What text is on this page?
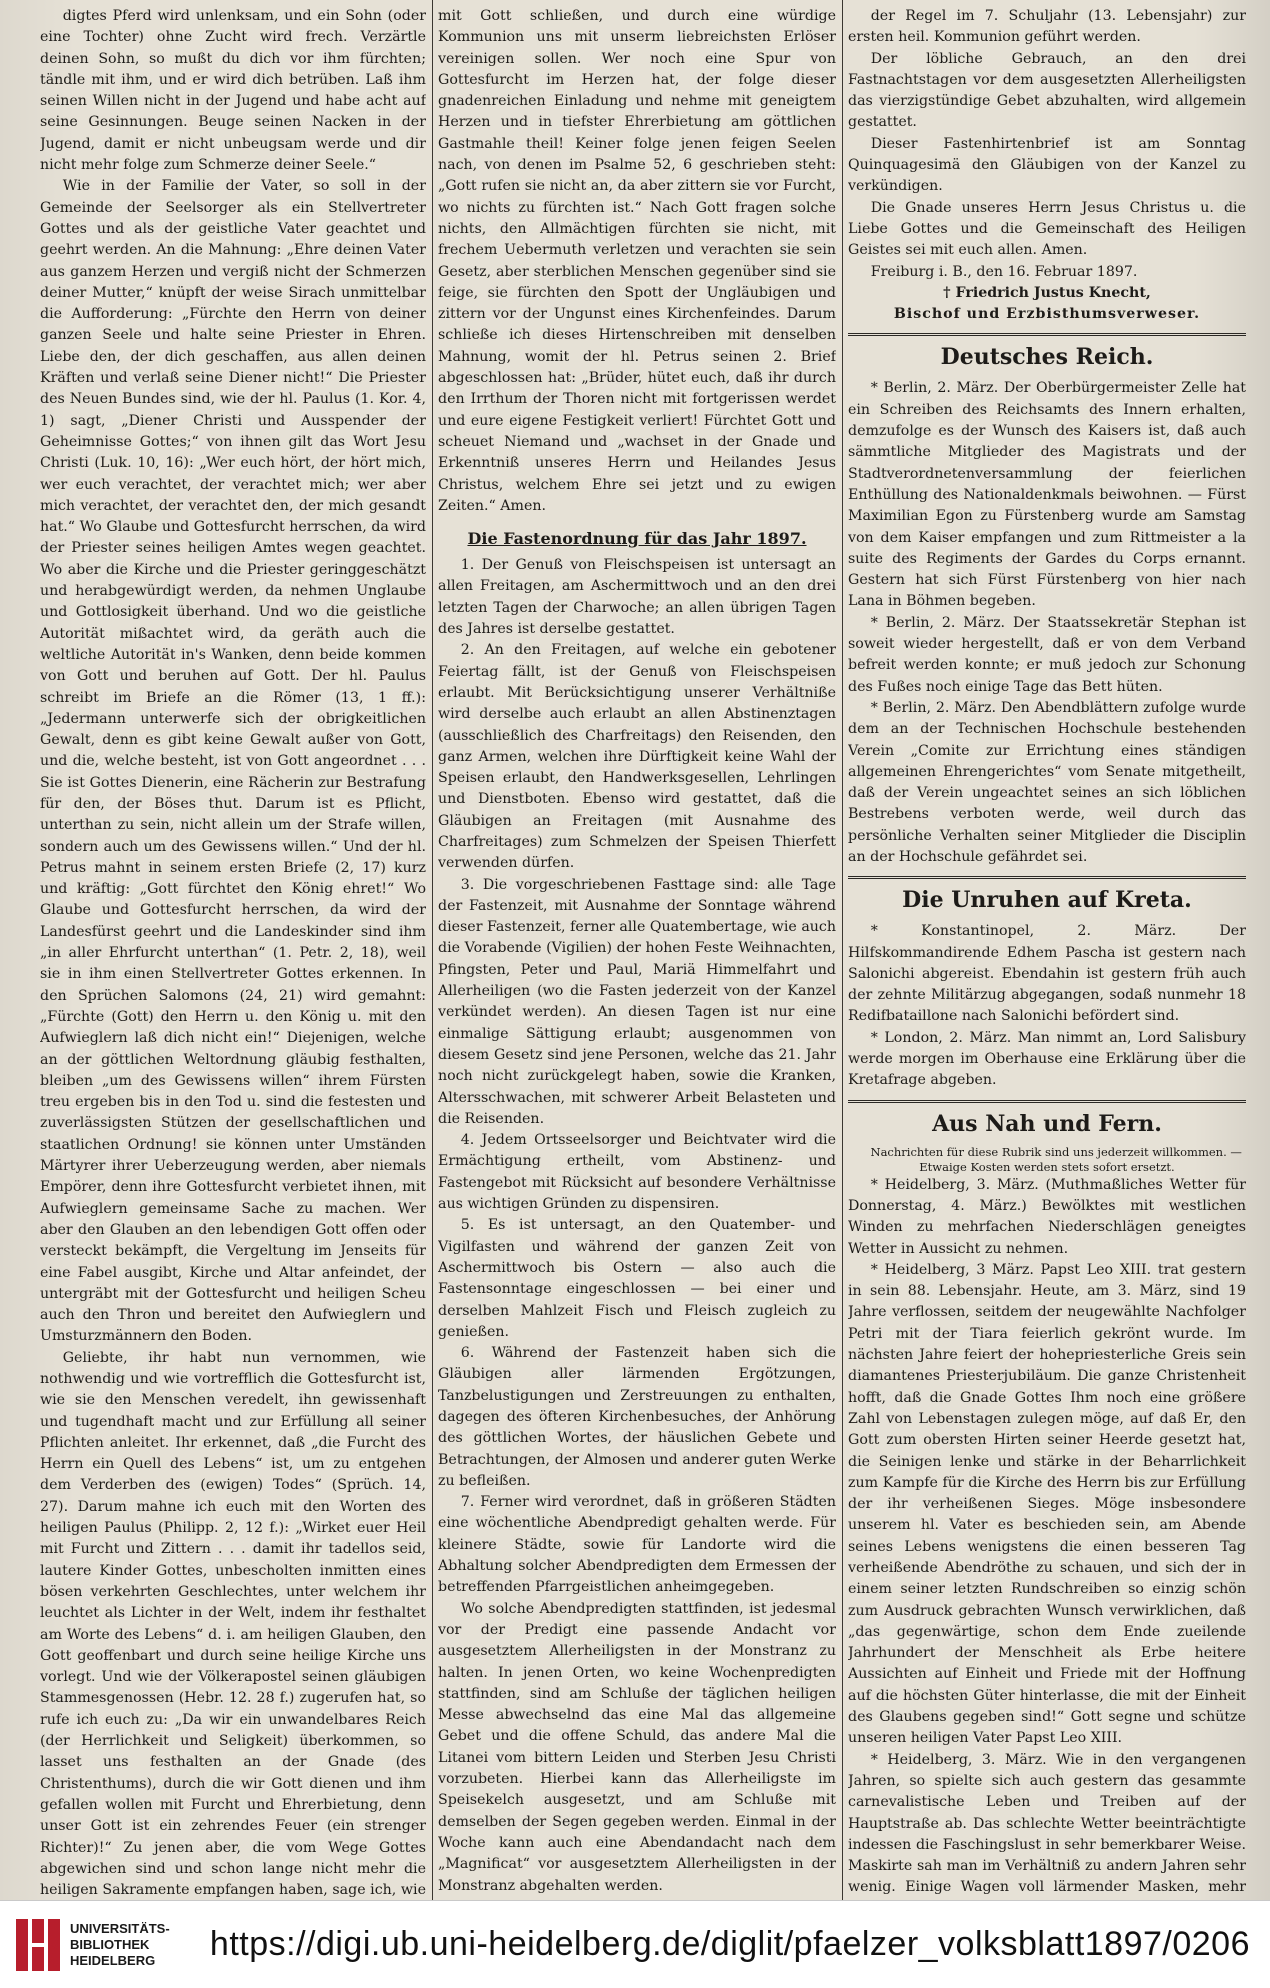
digtes Pferd wird unlenksam, und ein Sohn (oder eine Tochter) ohne Zucht wird frech. Verzärtle deinen Sohn, so mußt du dich vor ihm fürchten; tändle mit ihm, und er wird dich betrüben. Laß ihm seinen Willen nicht in der Jugend und habe acht auf seine Gesinnungen. Beuge seinen Nacken in der Jugend, damit er nicht unbeugsam werde und dir nicht mehr folge zum Schmerze deiner Seele.“

Wie in der Familie der Vater, so soll in der Gemeinde der Seelsorger als ein Stellvertreter Gottes und als der geistliche Vater geachtet und geehrt werden. An die Mahnung: „Ehre deinen Vater aus ganzem Herzen und vergiß nicht der Schmerzen deiner Mutter,“ knüpft der weise Sirach unmittelbar die Aufforderung: „Fürchte den Herrn von deiner ganzen Seele und halte seine Priester in Ehren. Liebe den, der dich geschaffen, aus allen deinen Kräften und verlaß seine Diener nicht!“ Die Priester des Neuen Bundes sind, wie der hl. Paulus (1. Kor. 4, 1) sagt, „Diener Christi und Ausspender der Geheimnisse Gottes;“ von ihnen gilt das Wort Jesu Christi (Luk. 10, 16): „Wer euch hört, der hört mich, wer euch verachtet, der verachtet mich; wer aber mich verachtet, der verachtet den, der mich gesandt hat.“ Wo Glaube und Gottesfurcht herrschen, da wird der Priester seines heiligen Amtes wegen geachtet. Wo aber die Kirche und die Priester geringgeschätzt und herabgewürdigt werden, da nehmen Unglaube und Gottlosigkeit überhand. Und wo die geistliche Autorität mißachtet wird, da geräth auch die weltliche Autorität in's Wanken, denn beide kommen von Gott und beruhen auf Gott. Der hl. Paulus schreibt im Briefe an die Römer (13, 1 ff.): „Jedermann unterwerfe sich der obrigkeitlichen Gewalt, denn es gibt keine Gewalt außer von Gott, und die, welche besteht, ist von Gott angeordnet . . . Sie ist Gottes Dienerin, eine Rächerin zur Bestrafung für den, der Böses thut. Darum ist es Pflicht, unterthan zu sein, nicht allein um der Strafe willen, sondern auch um des Gewissens willen.“ Und der hl. Petrus mahnt in seinem ersten Briefe (2, 17) kurz und kräftig: „Gott fürchtet den König ehret!“ Wo Glaube und Gottesfurcht herrschen, da wird der Landesfürst geehrt und die Landeskinder sind ihm „in aller Ehrfurcht unterthan“ (1. Petr. 2, 18), weil sie in ihm einen Stellvertreter Gottes erkennen. In den Sprüchen Salomons (24, 21) wird gemahnt: „Fürchte (Gott) den Herrn u. den König u. mit den Aufwieglern laß dich nicht ein!“ Diejenigen, welche an der göttlichen Weltordnung gläubig festhalten, bleiben „um des Gewissens willen“ ihrem Fürsten treu ergeben bis in den Tod u. sind die festesten und zuverlässigsten Stützen der gesellschaftlichen und staatlichen Ordnung! sie können unter Umständen Märtyrer ihrer Ueberzeugung werden, aber niemals Empörer, denn ihre Gottesfurcht verbietet ihnen, mit Aufwieglern gemeinsame Sache zu machen. Wer aber den Glauben an den lebendigen Gott offen oder versteckt bekämpft, die Vergeltung im Jenseits für eine Fabel ausgibt, Kirche und Altar anfeindet, der untergräbt mit der Gottesfurcht und heiligen Scheu auch den Thron und bereitet den Aufwieglern und Umsturzmännern den Boden.

Geliebte, ihr habt nun vernommen, wie nothwendig und wie vortrefflich die Gottesfurcht ist, wie sie den Menschen veredelt, ihn gewissenhaft und tugendhaft macht und zur Erfüllung all seiner Pflichten anleitet. Ihr erkennet, daß „die Furcht des Herrn ein Quell des Lebens“ ist, um zu entgehen dem Verderben des (ewigen) Todes“ (Sprüch. 14, 27). Darum mahne ich euch mit den Worten des heiligen Paulus (Philipp. 2, 12 f.): „Wirket euer Heil mit Furcht und Zittern . . . damit ihr tadellos seid, lautere Kinder Gottes, unbescholten inmitten eines bösen verkehrten Geschlechtes, unter welchem ihr leuchtet als Lichter in der Welt, indem ihr festhaltet am Worte des Lebens“ d. i. am heiligen Glauben, den Gott geoffenbart und durch seine heilige Kirche uns vorlegt. Und wie der Völkerapostel seinen gläubigen Stammesgenossen (Hebr. 12. 28 f.) zugerufen hat, so rufe ich euch zu: „Da wir ein unwandelbares Reich (der Herrlichkeit und Seligkeit) überkommen, so lasset uns festhalten an der Gnade (des Christenthums), durch die wir Gott dienen und ihm gefallen wollen mit Furcht und Ehrerbietung, denn unser Gott ist ein zehrendes Feuer (ein strenger Richter)!“ Zu jenen aber, die vom Wege Gottes abgewichen sind und schon lange nicht mehr die heiligen Sakramente empfangen haben, sage ich, wie

mit Gott schließen, und durch eine würdige Kommunion uns mit unserm liebreichsten Erlöser vereinigen sollen. Wer noch eine Spur von Gottesfurcht im Herzen hat, der folge dieser gnadenreichen Einladung und nehme mit geneigtem Herzen und in tiefster Ehrerbietung am göttlichen Gastmahle theil! Keiner folge jenen feigen Seelen nach, von denen im Psalme 52, 6 geschrieben steht: „Gott rufen sie nicht an, da aber zittern sie vor Furcht, wo nichts zu fürchten ist.“ Nach Gott fragen solche nichts, den Allmächtigen fürchten sie nicht, mit frechem Uebermuth verletzen und verachten sie sein Gesetz, aber sterblichen Menschen gegenüber sind sie feige, sie fürchten den Spott der Ungläubigen und zittern vor der Ungunst eines Kirchenfeindes. Darum schließe ich dieses Hirtenschreiben mit denselben Mahnung, womit der hl. Petrus seinen 2. Brief abgeschlossen hat: „Brüder, hütet euch, daß ihr durch den Irrthum der Thoren nicht mit fortgerissen werdet und eure eigene Festigkeit verliert! Fürchtet Gott und scheuet Niemand und „wachset in der Gnade und Erkenntniß unseres Herrn und Heilandes Jesus Christus, welchem Ehre sei jetzt und zu ewigen Zeiten.“ Amen.

Die Fastenordnung für das Jahr 1897.

1. Der Genuß von Fleischspeisen ist untersagt an allen Freitagen, am Aschermittwoch und an den drei letzten Tagen der Charwoche; an allen übrigen Tagen des Jahres ist derselbe gestattet.

2. An den Freitagen, auf welche ein gebotener Feiertag fällt, ist der Genuß von Fleischspeisen erlaubt. Mit Berücksichtigung unserer Verhältniße wird derselbe auch erlaubt an allen Abstinenztagen (ausschließlich des Charfreitags) den Reisenden, den ganz Armen, welchen ihre Dürftigkeit keine Wahl der Speisen erlaubt, den Handwerksgesellen, Lehrlingen und Dienstboten. Ebenso wird gestattet, daß die Gläubigen an Freitagen (mit Ausnahme des Charfreitages) zum Schmelzen der Speisen Thierfett verwenden dürfen.

3. Die vorgeschriebenen Fasttage sind: alle Tage der Fastenzeit, mit Ausnahme der Sonntage während dieser Fastenzeit, ferner alle Quatembertage, wie auch die Vorabende (Vigilien) der hohen Feste Weihnachten, Pfingsten, Peter und Paul, Mariä Himmelfahrt und Allerheiligen (wo die Fasten jederzeit von der Kanzel verkündet werden). An diesen Tagen ist nur eine einmalige Sättigung erlaubt; ausgenommen von diesem Gesetz sind jene Personen, welche das 21. Jahr noch nicht zurückgelegt haben, sowie die Kranken, Altersschwachen, mit schwerer Arbeit Belasteten und die Reisenden.

4. Jedem Ortsseelsorger und Beichtvater wird die Ermächtigung ertheilt, vom Abstinenz- und Fastengebot mit Rücksicht auf besondere Verhältnisse aus wichtigen Gründen zu dispensiren.

5. Es ist untersagt, an den Quatember- und Vigilfasten und während der ganzen Zeit von Aschermittwoch bis Ostern — also auch die Fastensonntage eingeschlossen — bei einer und derselben Mahlzeit Fisch und Fleisch zugleich zu genießen.

6. Während der Fastenzeit haben sich die Gläubigen aller lärmenden Ergötzungen, Tanzbelustigungen und Zerstreuungen zu enthalten, dagegen des öfteren Kirchenbesuches, der Anhörung des göttlichen Wortes, der häuslichen Gebete und Betrachtungen, der Almosen und anderer guten Werke zu befleißen.

7. Ferner wird verordnet, daß in größeren Städten eine wöchentliche Abendpredigt gehalten werde. Für kleinere Städte, sowie für Landorte wird die Abhaltung solcher Abendpredigten dem Ermessen der betreffenden Pfarrgeistlichen anheimgegeben.

Wo solche Abendpredigten stattfinden, ist jedesmal vor der Predigt eine passende Andacht vor ausgesetztem Allerheiligsten in der Monstranz zu halten. In jenen Orten, wo keine Wochenpredigten stattfinden, sind am Schluße der täglichen heiligen Messe abwechselnd das eine Mal das allgemeine Gebet und die offene Schuld, das andere Mal die Litanei vom bittern Leiden und Sterben Jesu Christi vorzubeten. Hierbei kann das Allerheiligste im Speisekelch ausgesetzt, und am Schluße mit demselben der Segen gegeben werden. Einmal in der Woche kann auch eine Abendandacht nach dem „Magnificat“ vor ausgesetztem Allerheiligsten in der Monstranz abgehalten werden.

der Regel im 7. Schuljahr (13. Lebensjahr) zur ersten heil. Kommunion geführt werden.

Der löbliche Gebrauch, an den drei Fastnachtstagen vor dem ausgesetzten Allerheiligsten das vierzigstündige Gebet abzuhalten, wird allgemein gestattet.

Dieser Fastenhirtenbrief ist am Sonntag Quinquagesimä den Gläubigen von der Kanzel zu verkündigen.

Die Gnade unseres Herrn Jesus Christus u. die Liebe Gottes und die Gemeinschaft des Heiligen Geistes sei mit euch allen. Amen.

Freiburg i. B., den 16. Februar 1897.

† Friedrich Justus Knecht,

Bischof und Erzbisthumsverweser.

Deutsches Reich.

* Berlin, 2. März. Der Oberbürgermeister Zelle hat ein Schreiben des Reichsamts des Innern erhalten, demzufolge es der Wunsch des Kaisers ist, daß auch sämmtliche Mitglieder des Magistrats und der Stadtverordnetenversammlung der feierlichen Enthüllung des Nationaldenkmals beiwohnen. — Fürst Maximilian Egon zu Fürstenberg wurde am Samstag von dem Kaiser empfangen und zum Rittmeister a la suite des Regiments der Gardes du Corps ernannt. Gestern hat sich Fürst Fürstenberg von hier nach Lana in Böhmen begeben.

* Berlin, 2. März. Der Staatssekretär Stephan ist soweit wieder hergestellt, daß er von dem Verband befreit werden konnte; er muß jedoch zur Schonung des Fußes noch einige Tage das Bett hüten.

* Berlin, 2. März. Den Abendblättern zufolge wurde dem an der Technischen Hochschule bestehenden Verein „Comite zur Errichtung eines ständigen allgemeinen Ehrengerichtes“ vom Senate mitgetheilt, daß der Verein ungeachtet seines an sich löblichen Bestrebens verboten werde, weil durch das persönliche Verhalten seiner Mitglieder die Disciplin an der Hochschule gefährdet sei.

Die Unruhen auf Kreta.

* Konstantinopel, 2. März. Der Hilfskommandirende Edhem Pascha ist gestern nach Salonichi abgereist. Ebendahin ist gestern früh auch der zehnte Militärzug abgegangen, sodaß nunmehr 18 Redifbataillone nach Salonichi befördert sind.

* London, 2. März. Man nimmt an, Lord Salisbury werde morgen im Oberhause eine Erklärung über die Kretafrage abgeben.

Aus Nah und Fern.

Nachrichten für diese Rubrik sind uns jederzeit willkommen. — Etwaige Kosten werden stets sofort ersetzt.

* Heidelberg, 3. März. (Muthmaßliches Wetter für Donnerstag, 4. März.) Bewölktes mit westlichen Winden zu mehrfachen Niederschlägen geneigtes Wetter in Aussicht zu nehmen.

* Heidelberg, 3 März. Papst Leo XIII. trat gestern in sein 88. Lebensjahr. Heute, am 3. März, sind 19 Jahre verflossen, seitdem der neugewählte Nachfolger Petri mit der Tiara feierlich gekrönt wurde. Im nächsten Jahre feiert der hohepriesterliche Greis sein diamantenes Priesterjubiläum. Die ganze Christenheit hofft, daß die Gnade Gottes Ihm noch eine größere Zahl von Lebenstagen zulegen möge, auf daß Er, den Gott zum obersten Hirten seiner Heerde gesetzt hat, die Seinigen lenke und stärke in der Beharrlichkeit zum Kampfe für die Kirche des Herrn bis zur Erfüllung der ihr verheißenen Sieges. Möge insbesondere unserem hl. Vater es beschieden sein, am Abende seines Lebens wenigstens die einen besseren Tag verheißende Abendröthe zu schauen, und sich der in einem seiner letzten Rundschreiben so einzig schön zum Ausdruck gebrachten Wunsch verwirklichen, daß „das gegenwärtige, schon dem Ende zueilende Jahrhundert der Menschheit als Erbe heitere Aussichten auf Einheit und Friede mit der Hoffnung auf die höchsten Güter hinterlasse, die mit der Einheit des Glaubens gegeben sind!“ Gott segne und schütze unseren heiligen Vater Papst Leo XIII.

* Heidelberg, 3. März. Wie in den vergangenen Jahren, so spielte sich auch gestern das gesammte carnevalistische Leben und Treiben auf der Hauptstraße ab. Das schlechte Wetter beeinträchtigte indessen die Faschingslust in sehr bemerkbarer Weise. Maskirte sah man im Verhältniß zu andern Jahren sehr wenig. Einige Wagen voll lärmender Masken, mehr

UNIVERSITÄTS-
BIBLIOTHEK
HEIDELBERG	https://digi.ub.uni-heidelberg.de/diglit/pfaelzer_volksblatt1897/0206
